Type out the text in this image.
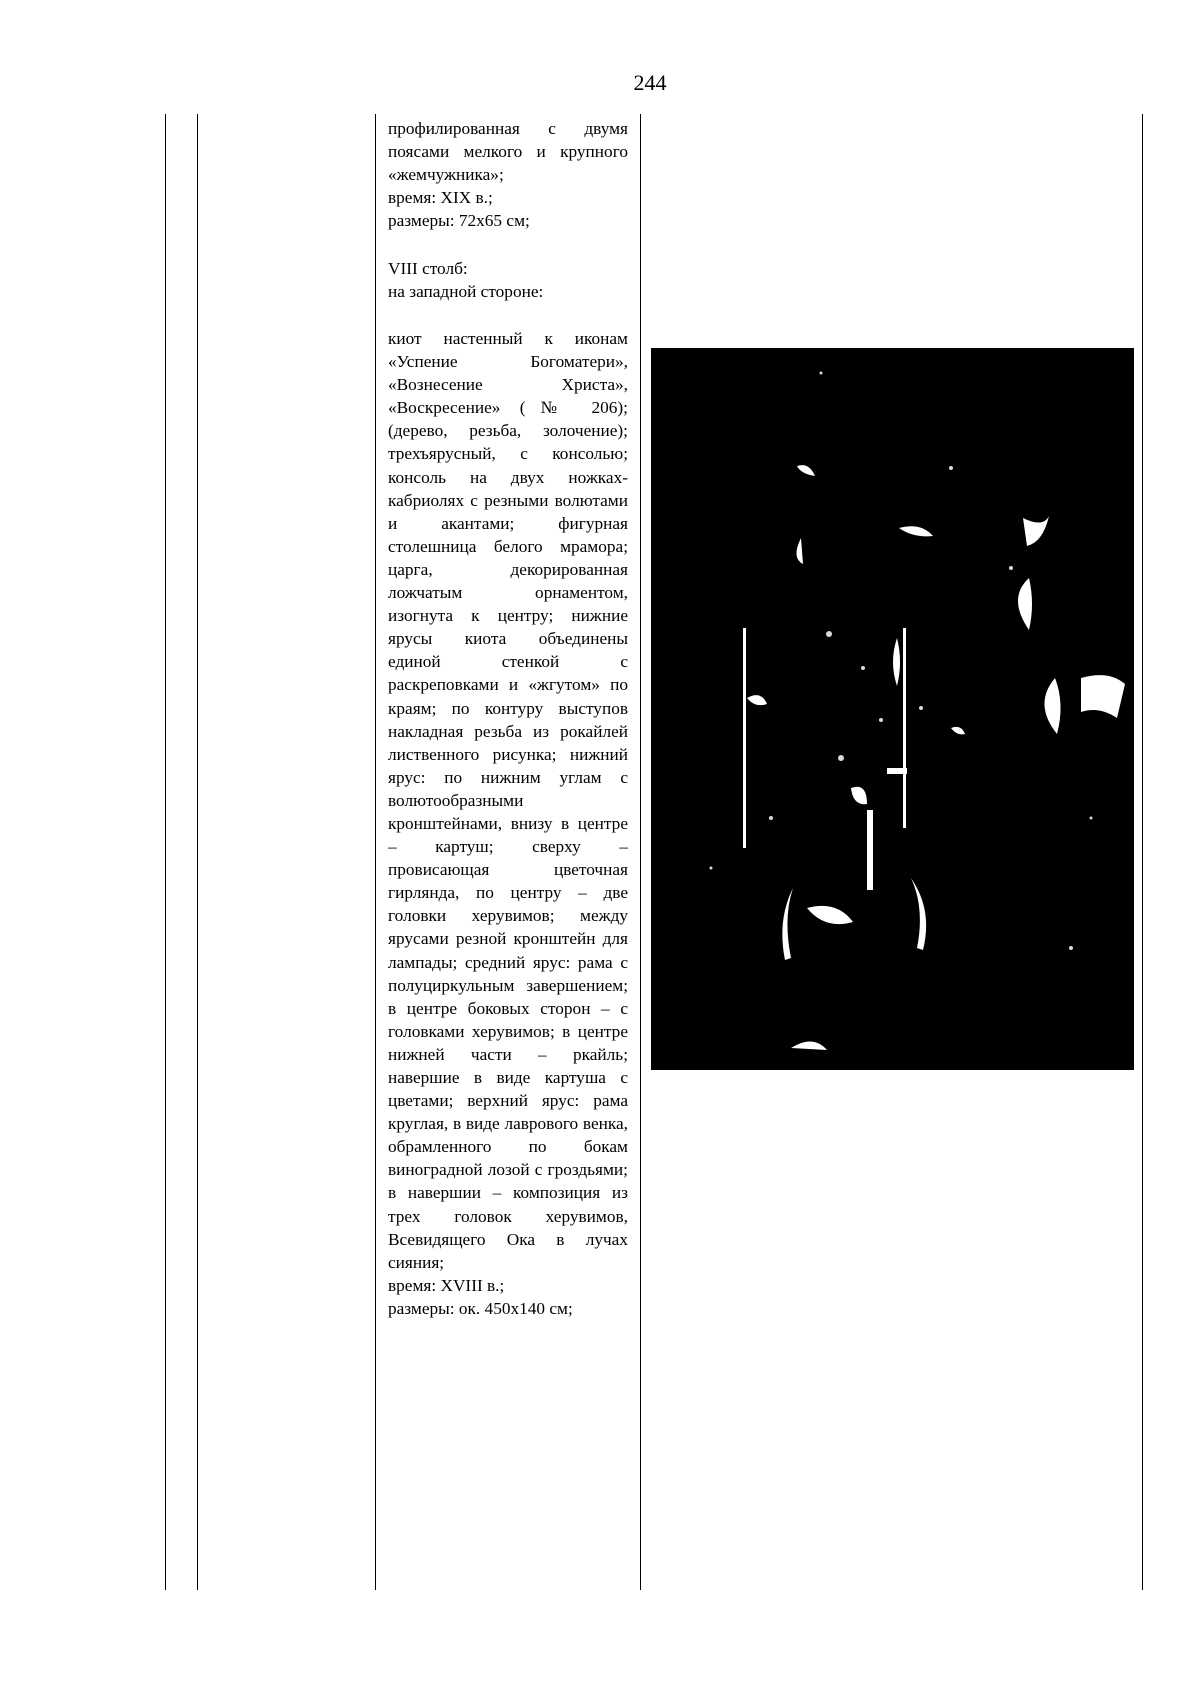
244

профилированная с двумя поясами мелкого и крупного «жемчужника»;

время: XIX в.;

размеры: 72х65 см;

VIII столб:

на западной стороне:

киот настенный к иконам «Успение Богоматери», «Вознесение Христа», «Воскресение» (№ 206); (дерево, резьба, золочение); трехъярусный, с консолью; консоль на двух ножках-кабриолях с резными волютами и акантами; фигурная столешница белого мрамора; царга, декорированная ложчатым орнаментом, изогнута к центру; нижние ярусы киота объединены единой стенкой с раскреповками и «жгутом» по краям; по контуру выступов накладная резьба из рокайлей лиственного рисунка; нижний ярус: по нижним углам с волютообразными кронштейнами, внизу в центре – картуш; сверху – провисающая цветочная гирлянда, по центру – две головки херувимов; между ярусами резной кронштейн для лампады; средний ярус: рама с полуциркульным завершением; в центре боковых сторон – с головками херувимов; в центре нижней части – ркайль; навершие в виде картуша с цветами; верхний ярус: рама круглая, в виде лаврового венка, обрамленного по бокам виноградной лозой с гроздьями; в навершии – композиция из трех головок херувимов, Всевидящего Ока в лучах сияния;

время: XVIII в.;

размеры: ок. 450х140 см;
